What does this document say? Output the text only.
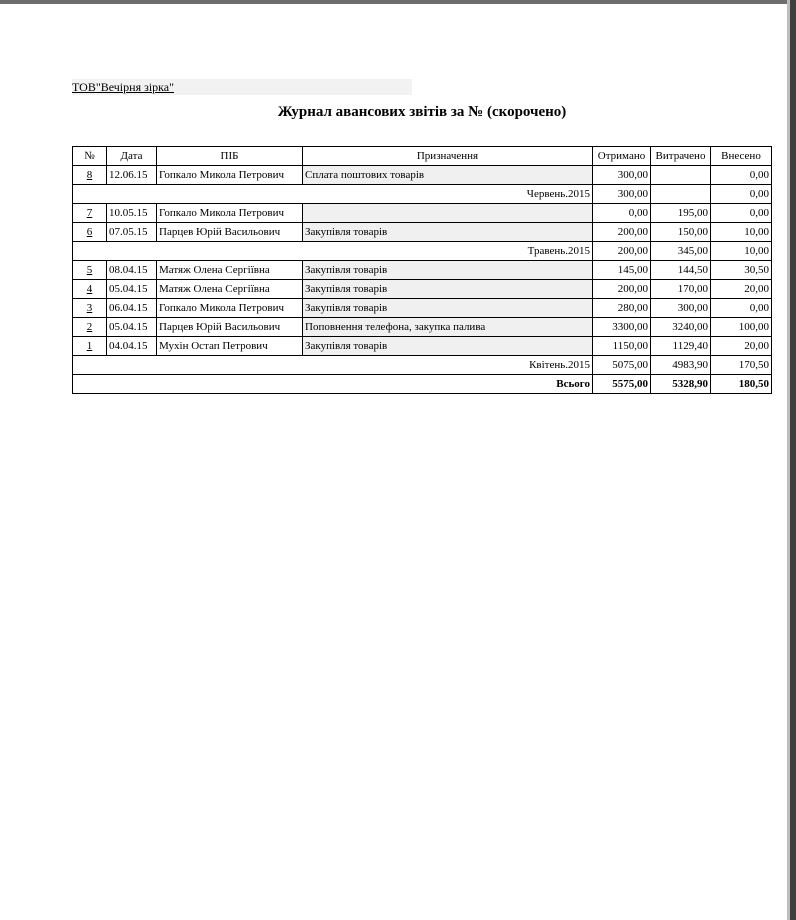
ТОВ"Вечірня зірка"
Журнал авансових звітів за № (скорочено)
№	Дата	ПІБ	Призначення	Отримано	Витрачено	Внесено
8	12.06.15	Гопкало Микола Петрович	Сплата поштових товарів	300,00		0,00
Червень.2015				300,00		0,00
7	10.05.15	Гопкало Микола Петрович		0,00	195,00	0,00
6	07.05.15	Парцев Юрій Васильович	Закупівля товарів	200,00	150,00	10,00
Травень.2015				200,00	345,00	10,00
5	08.04.15	Матяж Олена Сергіївна	Закупівля товарів	145,00	144,50	30,50
4	05.04.15	Матяж Олена Сергіївна	Закупівля товарів	200,00	170,00	20,00
3	06.04.15	Гопкало Микола Петрович	Закупівля товарів	280,00	300,00	0,00
2	05.04.15	Парцев Юрій Васильович	Поповнення телефона, закупка палива	3300,00	3240,00	100,00
1	04.04.15	Мухін Остап Петрович	Закупівля товарів	1150,00	1129,40	20,00
Квітень.2015				5075,00	4983,90	170,50
Всього				5575,00	5328,90	180,50
